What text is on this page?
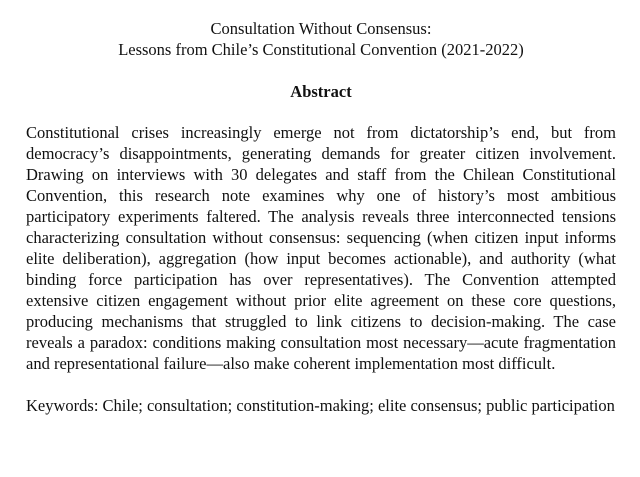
Consultation Without Consensus:
Lessons from Chile’s Constitutional Convention (2021-2022)
Abstract
Constitutional crises increasingly emerge not from dictatorship’s end, but from democracy’s disappointments, generating demands for greater citizen involvement. Drawing on interviews with 30 delegates and staff from the Chilean Constitutional Convention, this research note examines why one of history’s most ambitious participatory experiments faltered. The analysis reveals three interconnected tensions characterizing consultation without consensus: sequencing (when citizen input informs elite deliberation), aggregation (how input becomes actionable), and authority (what binding force participation has over representatives). The Convention attempted extensive citizen engagement without prior elite agreement on these core questions, producing mechanisms that struggled to link citizens to decision-making. The case reveals a paradox: conditions making consultation most necessary—acute fragmentation and representational failure—also make coherent implementation most difficult.
Keywords: Chile; consultation; constitution-making; elite consensus; public participation
